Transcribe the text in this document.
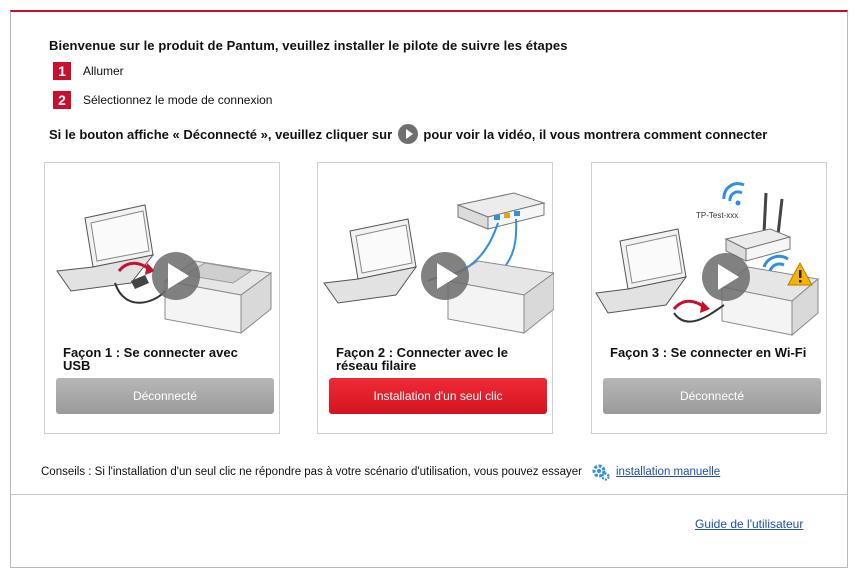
Bienvenue sur le produit de Pantum, veuillez installer le pilote de suivre les étapes
1	Allumer
2	Sélectionnez le mode de connexion
Si le bouton affiche « Déconnecté », veuillez cliquer sur pour voir la vidéo, il vous montrera comment connecter
Façon 1 : Se connecter avec USB
Déconnecté
Façon 2 : Connecter avec le réseau filaire
Installation d'un seul clic
TP-Test-xxx
Façon 3 : Se connecter en Wi-Fi
Déconnecté
Conseils : Si l'installation d'un seul clic ne répondre pas à votre scénario d'utilisation, vous pouvez essayer	installation manuelle
Guide de l'utilisateur
